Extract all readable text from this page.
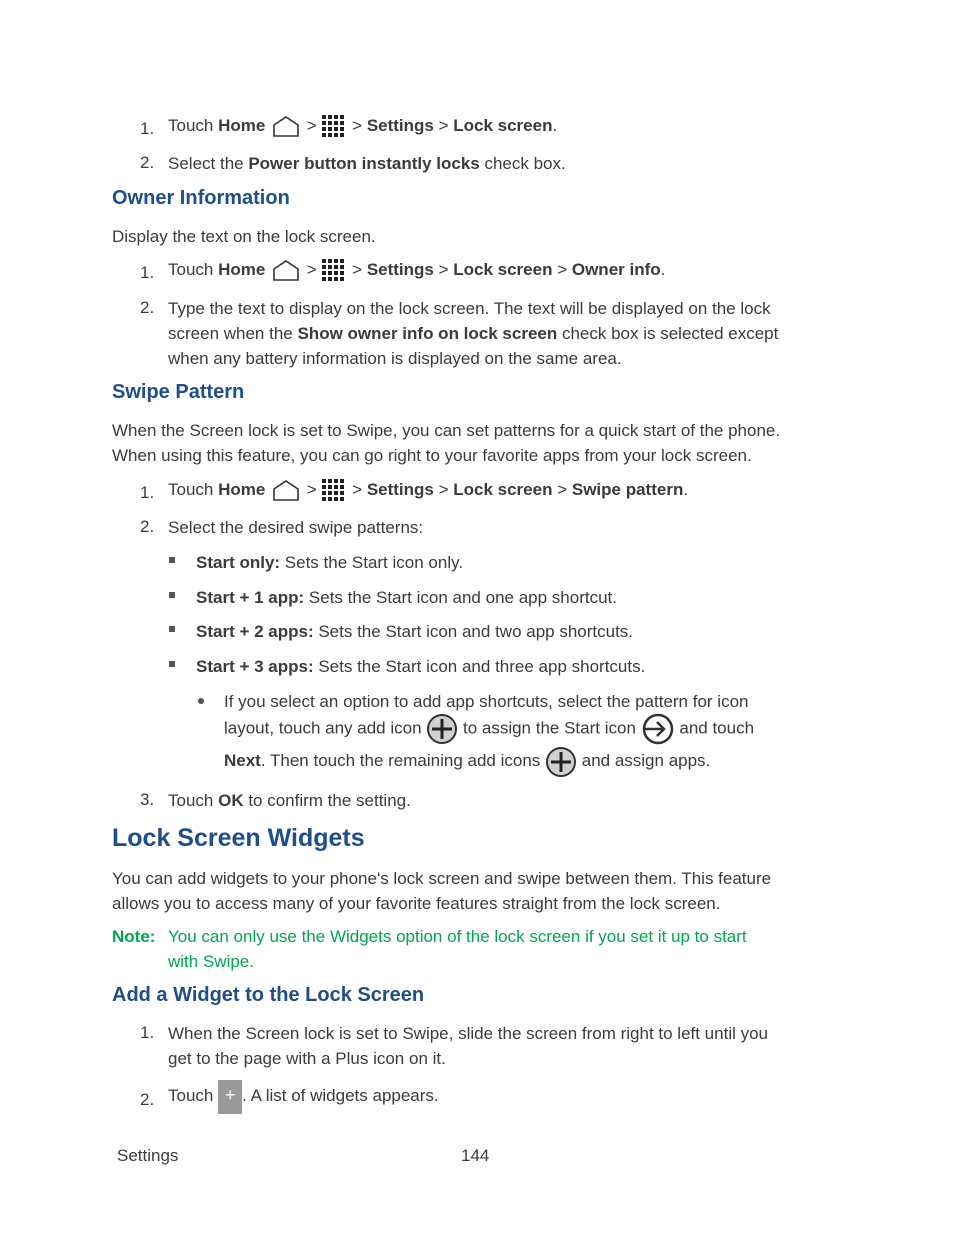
1. Touch Home  >  > Settings > Lock screen.
2. Select the Power button instantly locks check box.
Owner Information
Display the text on the lock screen.
1. Touch Home  >  > Settings > Lock screen > Owner info.
2. Type the text to display on the lock screen. The text will be displayed on the lock
screen when the Show owner info on lock screen check box is selected except
when any battery information is displayed on the same area.
Swipe Pattern
When the Screen lock is set to Swipe, you can set patterns for a quick start of the phone.
When using this feature, you can go right to your favorite apps from your lock screen.
1. Touch Home  >  > Settings > Lock screen > Swipe pattern.
2. Select the desired swipe patterns:
Start only: Sets the Start icon only.
Start + 1 app: Sets the Start icon and one app shortcut.
Start + 2 apps: Sets the Start icon and two app shortcuts.
Start + 3 apps: Sets the Start icon and three app shortcuts.
If you select an option to add app shortcuts, select the pattern for icon
layout, touch any add icon  to assign the Start icon  and touch
Next. Then touch the remaining add icons  and assign apps.
3. Touch OK to confirm the setting.
Lock Screen Widgets
You can add widgets to your phone's lock screen and swipe between them. This feature
allows you to access many of your favorite features straight from the lock screen.
Note: You can only use the Widgets option of the lock screen if you set it up to start
with Swipe.
Add a Widget to the Lock Screen
1. When the Screen lock is set to Swipe, slide the screen from right to left until you
get to the page with a Plus icon on it.
2. Touch + . A list of widgets appears.
Settings	144
